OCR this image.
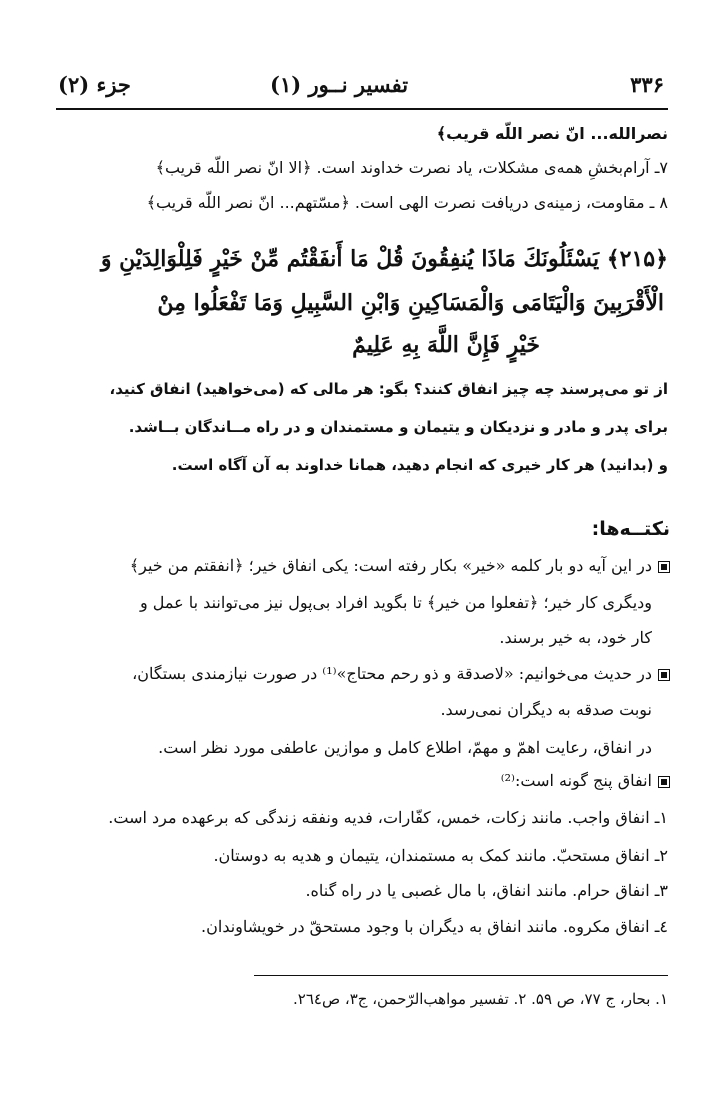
۳۳۶
تفسیر نــور (۱)
جزء (۲)
نصرالله... انّ نصر اللّه قریب﴾
۷ـ آرام‌بخشِ همه‌ی مشکلات، یاد نصرت خداوند است. ﴿الا انّ نصر اللّه قریب﴾
۸ ـ مقاومت، زمینه‌ی دریافت نصرت الهی است. ﴿مسّتهم... انّ نصر اللّه قریب﴾
﴿۲۱۵﴾ يَسْئَلُونَكَ مَاذَا يُنفِقُونَ قُلْ مَا أَنفَقْتُم مِّنْ خَيْرٍ فَلِلْوَالِدَيْنِ وَ
الْأَقْرَبِينَ وَالْيَتَامَى وَالْمَسَاكِينِ وَابْنِ السَّبِيلِ وَمَا تَفْعَلُوا مِنْ
خَيْرٍ فَإِنَّ اللَّهَ بِهِ عَلِيمٌ
از تو می‌پرسند چه چیز انفاق کنند؟ بگو: هر مالی که (می‌خواهید) انفاق کنید،
برای پدر و مادر و نزدیکان و یتیمان و مستمندان و در راه مــاندگان بــاشد.
و (بدانید) هر کار خیری که انجام دهید، همانا خداوند به آن آگاه است.
نکتــه‌ها:
در این آیه دو بار کلمه «خیر» بکار رفته است: یکی انفاق خیر؛ ﴿انفقتم من خیر﴾
ودیگری کار خیر؛ ﴿تفعلوا من خیر﴾ تا بگوید افراد بی‌پول نیز می‌توانند با عمل و
کار خود، به خیر برسند.
در حدیث می‌خوانیم: «لاصدقة و ذو رحم محتاج»⁽¹⁾ در صورت نیازمندی بستگان،
نوبت صدقه به دیگران نمی‌رسد.
در انفاق، رعایت اهمّ و مهمّ، اطلاع کامل و موازین عاطفی مورد نظر است.
انفاق پنج گونه است:⁽²⁾
۱ـ انفاق واجب. مانند زکات، خمس، کفّارات، فدیه ونفقه زندگی که برعهده مرد است.
۲ـ انفاق مستحبّ. مانند کمک به مستمندان، یتیمان و هدیه به دوستان.
۳ـ انفاق حرام. مانند انفاق، با مال غصبی یا در راه گناه.
٤ـ انفاق مکروه. مانند انفاق به دیگران با وجود مستحقّ در خویشاوندان.
۱. بحار، ج ۷۷، ص ۵۹. ۲. تفسیر مواهب‌الرّحمن، ج۳، ص۲٦٤.
